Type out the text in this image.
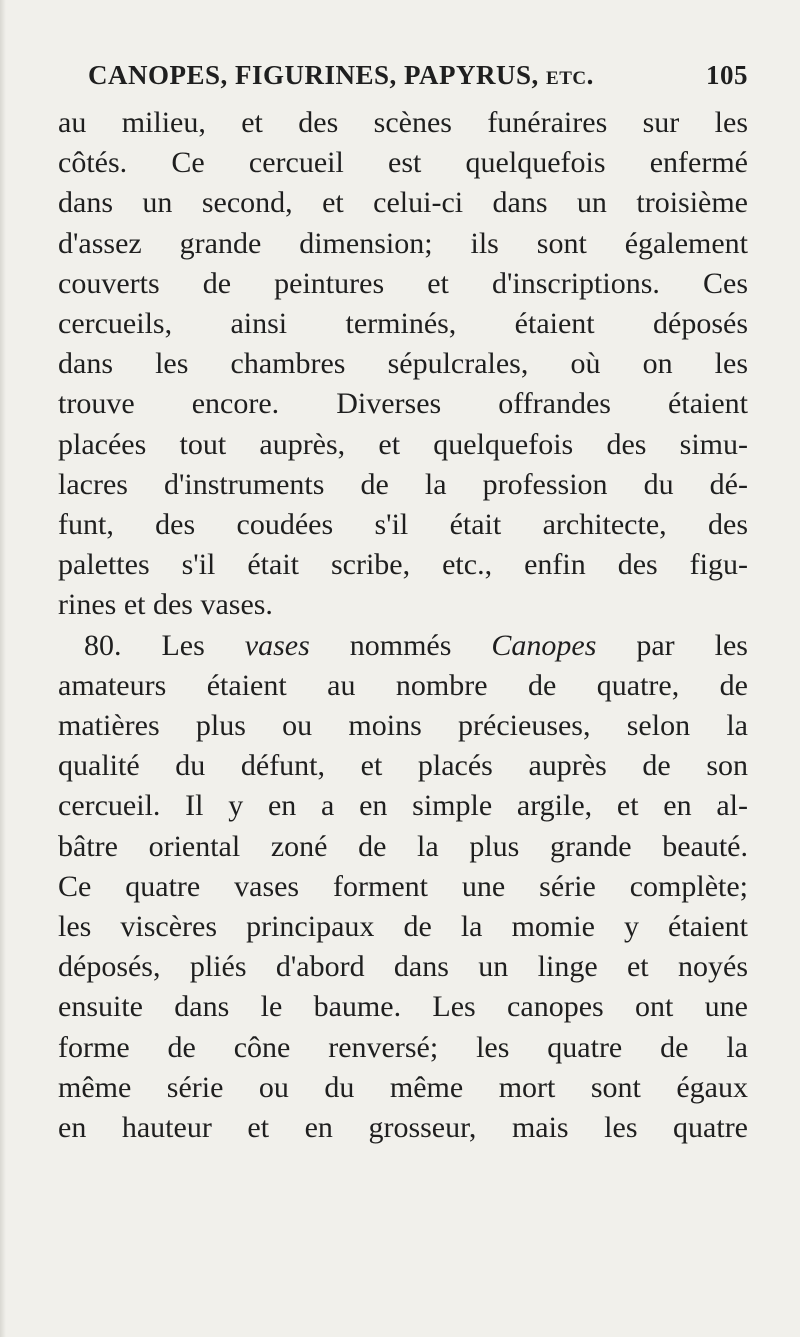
CANOPES, FIGURINES, PAPYRUS, etc.	105
au milieu, et des scènes funéraires sur les
côtés. Ce cercueil est quelquefois enfermé
dans un second, et celui-ci dans un troisième
d'assez grande dimension; ils sont également
couverts de peintures et d'inscriptions. Ces
cercueils, ainsi terminés, étaient déposés
dans les chambres sépulcrales, où on les
trouve encore. Diverses offrandes étaient
placées tout auprès, et quelquefois des simu-
lacres d'instruments de la profession du dé-
funt, des coudées s'il était architecte, des
palettes s'il était scribe, etc., enfin des figu-
rines et des vases.
80. Les vases nommés Canopes par les
amateurs étaient au nombre de quatre, de
matières plus ou moins précieuses, selon la
qualité du défunt, et placés auprès de son
cercueil. Il y en a en simple argile, et en al-
bâtre oriental zoné de la plus grande beauté.
Ce quatre vases forment une série complète;
les viscères principaux de la momie y étaient
déposés, pliés d'abord dans un linge et noyés
ensuite dans le baume. Les canopes ont une
forme de cône renversé; les quatre de la
même série ou du même mort sont égaux
en hauteur et en grosseur, mais les quatre
